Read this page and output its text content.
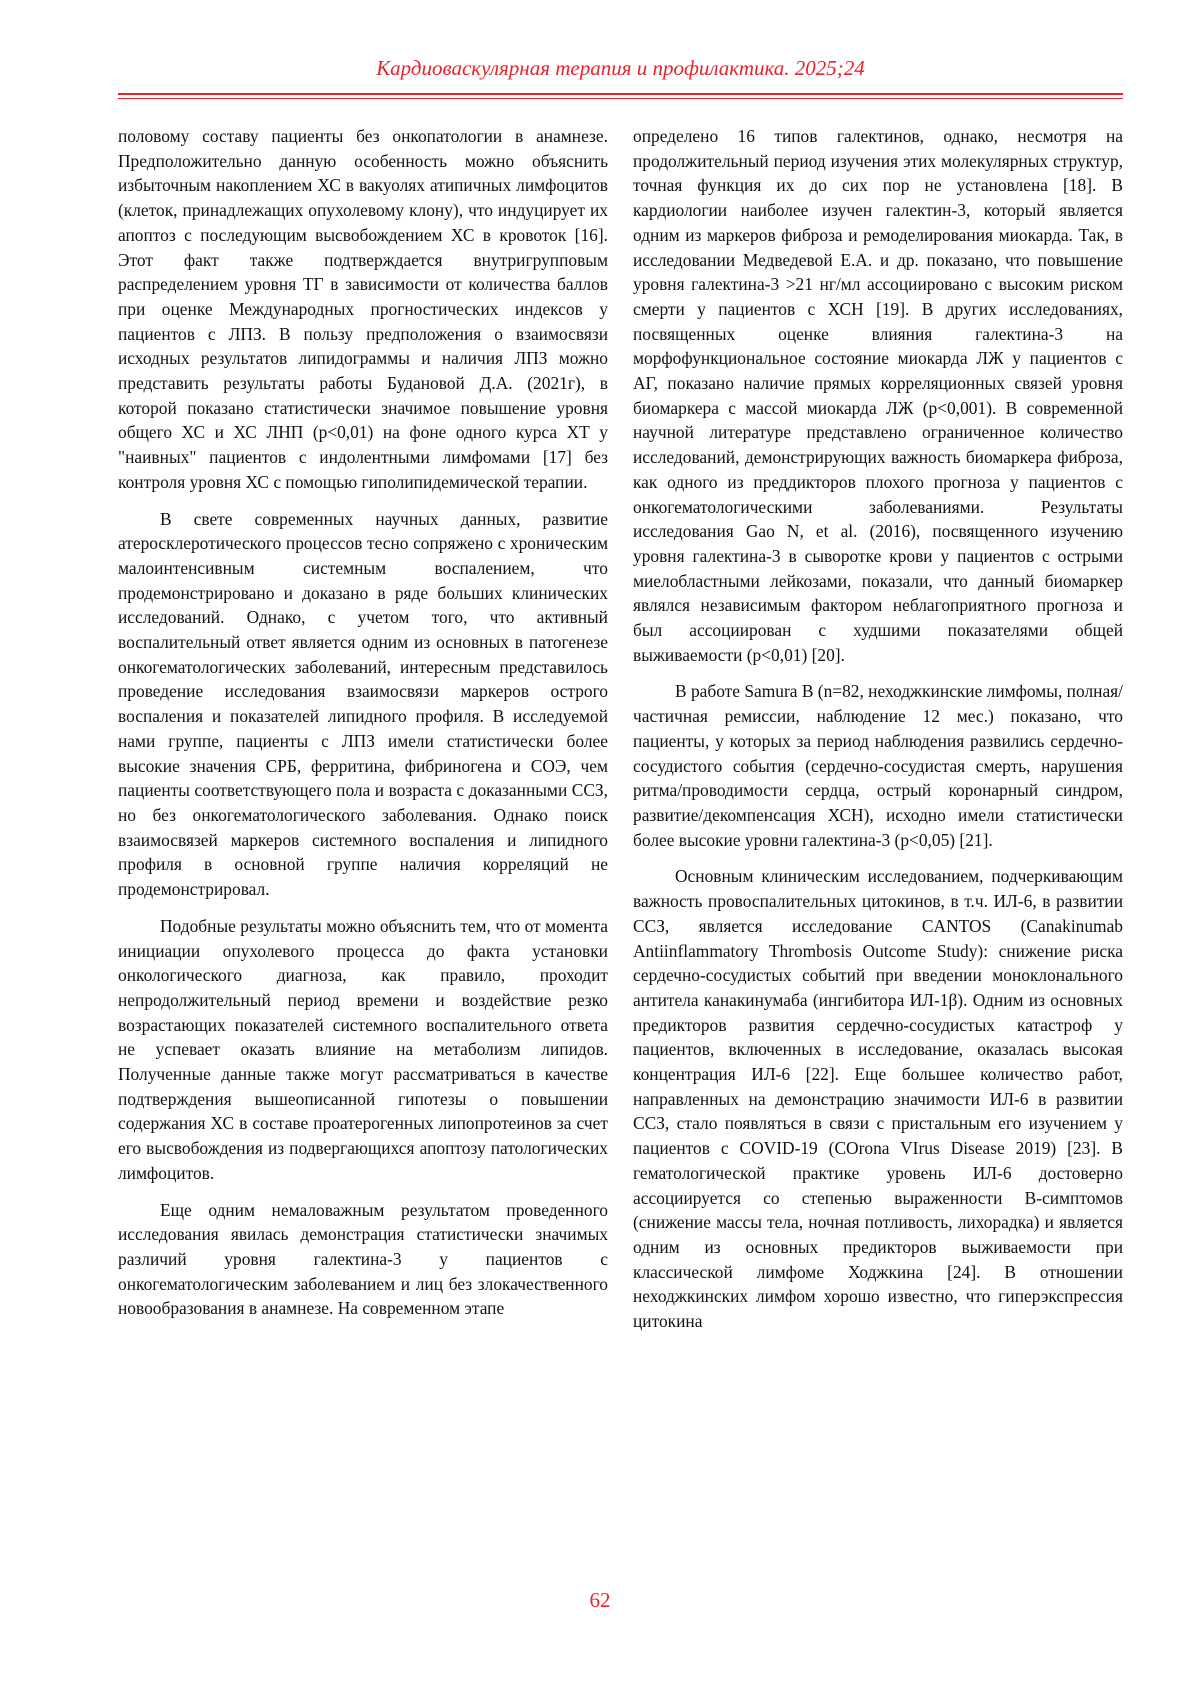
Кардиоваскулярная терапия и профилактика. 2025;24

половому составу пациенты без онкопатологии в анамнезе. Предположительно данную особенность можно объяснить избыточным накоплением ХС в вакуолях атипичных лимфоцитов (клеток, принадлежащих опухолевому клону), что индуцирует их апоптоз с последующим высвобождением ХС в кровоток [16]. Этот факт также подтверждается внутригрупповым распределением уровня ТГ в зависимости от количества баллов при оценке Международных прогностических индексов у пациентов с ЛПЗ. В пользу предположения о взаимосвязи исходных результатов липидограммы и наличия ЛПЗ можно представить результаты работы Будановой Д.А. (2021г), в которой показано статистически значимое повышение уровня общего ХС и ХС ЛНП (p<0,01) на фоне одного курса ХТ у "наивных" пациентов с индолентными лимфомами [17] без контроля уровня ХС с помощью гиполипидемической терапии.

В свете современных научных данных, развитие атеросклеротического процессов тесно сопряжено с хроническим малоинтенсивным системным воспалением, что продемонстрировано и доказано в ряде больших клинических исследований. Однако, с учетом того, что активный воспалительный ответ является одним из основных в патогенезе онкогематологических заболеваний, интересным представилось проведение исследования взаимосвязи маркеров острого воспаления и показателей липидного профиля. В исследуемой нами группе, пациенты с ЛПЗ имели статистически более высокие значения СРБ, ферритина, фибриногена и СОЭ, чем пациенты соответствующего пола и возраста с доказанными ССЗ, но без онкогематологического заболевания. Однако поиск взаимосвязей маркеров системного воспаления и липидного профиля в основной группе наличия корреляций не продемонстрировал.

Подобные результаты можно объяснить тем, что от момента инициации опухолевого процесса до факта установки онкологического диагноза, как правило, проходит непродолжительный период времени и воздействие резко возрастающих показателей системного воспалительного ответа не успевает оказать влияние на метаболизм липидов. Полученные данные также могут рассматриваться в качестве подтверждения вышеописанной гипотезы о повышении содержания ХС в составе проатерогенных липопротеинов за счет его высвобождения из подвергающихся апоптозу патологических лимфоцитов.

Еще одним немаловажным результатом проведенного исследования явилась демонстрация статистически значимых различий уровня галектина-3 у пациентов с онкогематологическим заболеванием и лиц без злокачественного новообразования в анамнезе. На современном этапе

определено 16 типов галектинов, однако, несмотря на продолжительный период изучения этих молекулярных структур, точная функция их до сих пор не установлена [18]. В кардиологии наиболее изучен галектин-3, который является одним из маркеров фиброза и ремоделирования миокарда. Так, в исследовании Медведевой Е.А. и др. показано, что повышение уровня галектина-3 >21 нг/мл ассоциировано с высоким риском смерти у пациентов с ХСН [19]. В других исследованиях, посвященных оценке влияния галектина-3 на морфофункциональное состояние миокарда ЛЖ у пациентов с АГ, показано наличие прямых корреляционных связей уровня биомаркера с массой миокарда ЛЖ (p<0,001). В современной научной литературе представлено ограниченное количество исследований, демонстрирующих важность биомаркера фиброза, как одного из преддикторов плохого прогноза у пациентов с онкогематологическими заболеваниями. Результаты исследования Gao N, et al. (2016), посвященного изучению уровня галектина-3 в сыворотке крови у пациентов с острыми миелобластными лейкозами, показали, что данный биомаркер являлся независимым фактором неблагоприятного прогноза и был ассоциирован с худшими показателями общей выживаемости (p<0,01) [20].

В работе Samura B (n=82, неходжкинские лимфомы, полная/частичная ремиссии, наблюдение 12 мес.) показано, что пациенты, у которых за период наблюдения развились сердечно-сосудистого события (сердечно-сосудистая смерть, нарушения ритма/проводимости сердца, острый коронарный синдром, развитие/декомпенсация ХСН), исходно имели статистически более высокие уровни галектина-3 (p<0,05) [21].

Основным клиническим исследованием, подчеркивающим важность провоспалительных цитокинов, в т.ч. ИЛ-6, в развитии ССЗ, является исследование CANTOS (Canakinumab Antiinflammatory Thrombosis Outcome Study): снижение риска сердечно-сосудистых событий при введении моноклонального антитела канакинумаба (ингибитора ИЛ-1β). Одним из основных предикторов развития сердечно-сосудистых катастроф у пациентов, включенных в исследование, оказалась высокая концентрация ИЛ-6 [22]. Еще большее количество работ, направленных на демонстрацию значимости ИЛ-6 в развитии ССЗ, стало появляться в связи с пристальным его изучением у пациентов с COVID-19 (COrona VIrus Disease 2019) [23]. В гематологической практике уровень ИЛ-6 достоверно ассоциируется со степенью выраженности В-симптомов (снижение массы тела, ночная потливость, лихорадка) и является одним из основных предикторов выживаемости при классической лимфоме Ходжкина [24]. В отношении неходжкинских лимфом хорошо известно, что гиперэкспрессия цитокина

62
